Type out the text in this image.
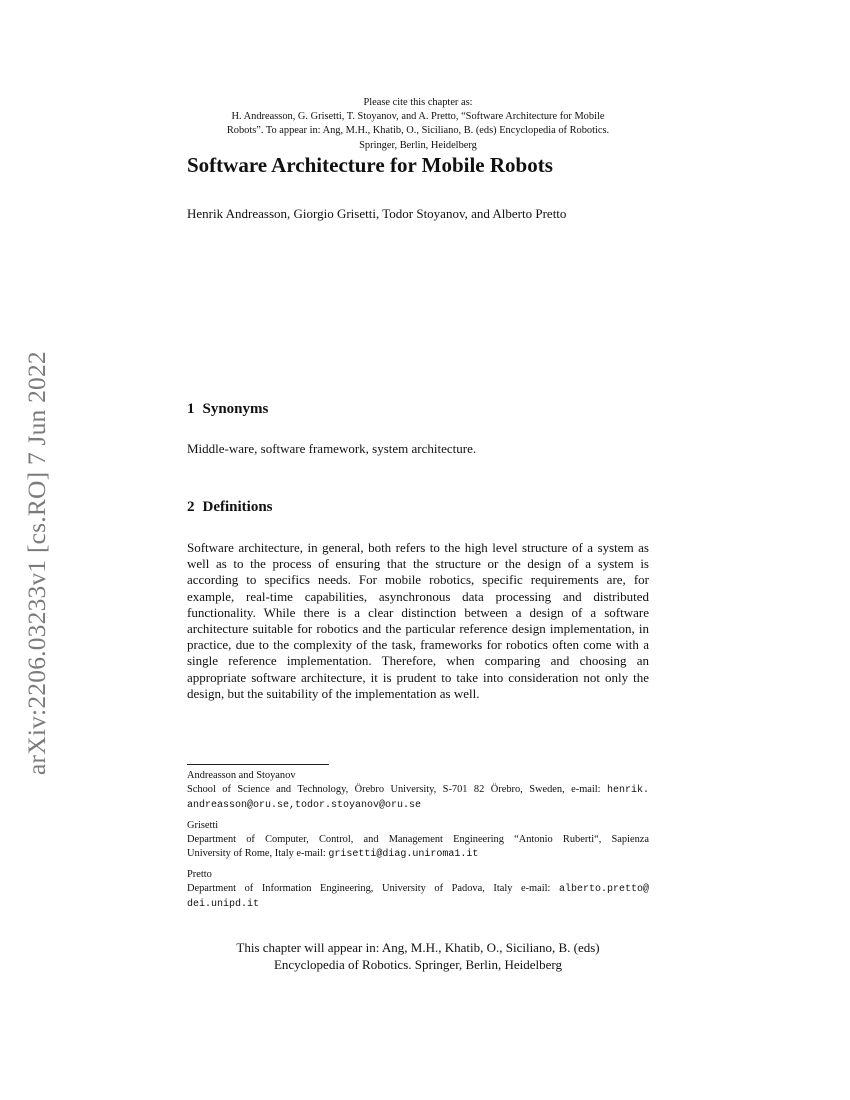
arXiv:2206.03233v1 [cs.RO] 7 Jun 2022
Please cite this chapter as:
H. Andreasson, G. Grisetti, T. Stoyanov, and A. Pretto, “Software Architecture for Mobile
Robots”. To appear in: Ang, M.H., Khatib, O., Siciliano, B. (eds) Encyclopedia of Robotics.
Springer, Berlin, Heidelberg
Software Architecture for Mobile Robots
Henrik Andreasson, Giorgio Grisetti, Todor Stoyanov, and Alberto Pretto
1 Synonyms
Middle-ware, software framework, system architecture.
2 Definitions

Software architecture, in general, both refers to the high level structure of a system as well as to the process of ensuring that the structure or the design of a system is according to specifics needs. For mobile robotics, specific requirements are, for example, real-time capabilities, asynchronous data processing and distributed functionality. While there is a clear distinction between a design of a software architecture suitable for robotics and the particular reference design implementation, in practice, due to the complexity of the task, frameworks for robotics often come with a single reference implementation. Therefore, when comparing and choosing an appropriate software architecture, it is prudent to take into consideration not only the design, but the suitability of the implementation as well.

Andreasson and Stoyanov
School of Science and Technology, Örebro University, S-701 82 Örebro, Sweden, e-mail: henrik.
andreasson@oru.se,todor.stoyanov@oru.se
Grisetti
Department of Computer, Control, and Management Engineering “Antonio Ruberti“, Sapienza
University of Rome, Italy e-mail: grisetti@diag.uniroma1.it
Pretto
Department of Information Engineering, University of Padova, Italy e-mail: alberto.pretto@
dei.unipd.it
This chapter will appear in: Ang, M.H., Khatib, O., Siciliano, B. (eds)
Encyclopedia of Robotics. Springer, Berlin, Heidelberg
